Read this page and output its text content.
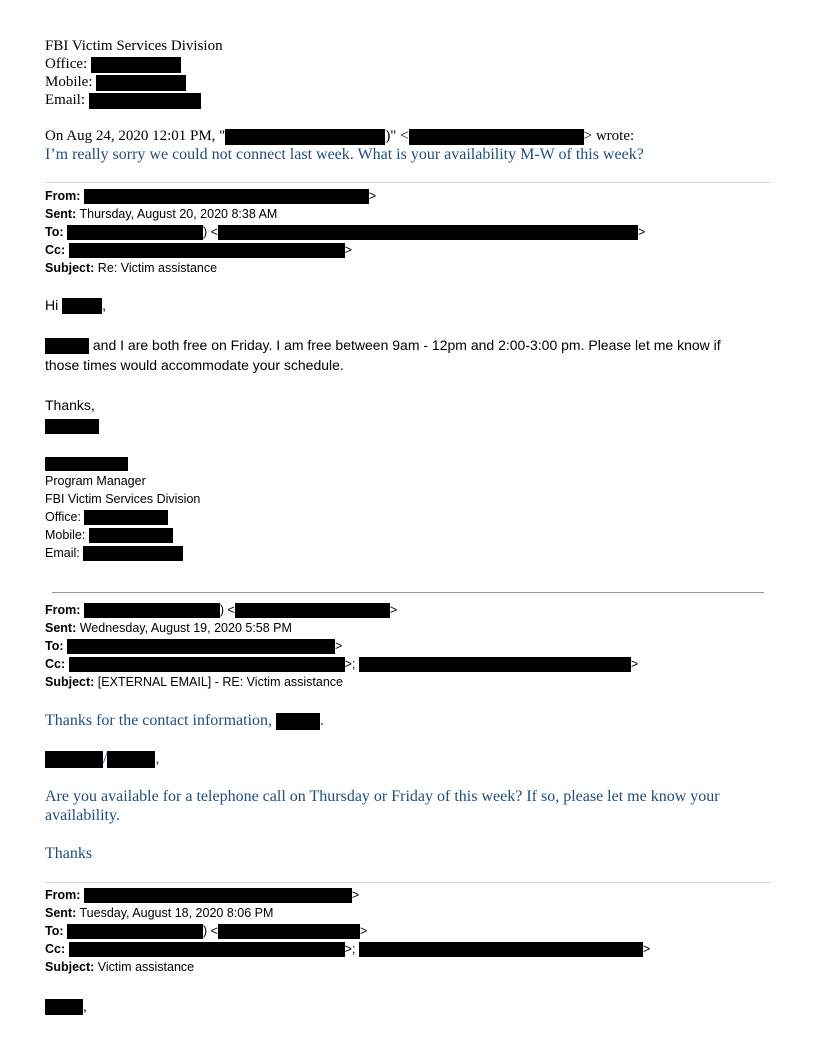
FBI Victim Services Division
Office:
Mobile:
Email:
On Aug 24, 2020 12:01 PM, "	)" <	> wrote:
I’m really sorry we could not connect last week. What is your availability M-W of this week?
From:	>
Sent: Thursday, August 20, 2020 8:38 AM
To:	) <	>
Cc:	>
Subject: Re: Victim assistance
Hi	,
and I are both free on Friday. I am free between 9am - 12pm and 2:00-3:00 pm. Please let me know if
those times would accommodate your schedule.
Thanks,
Program Manager
FBI Victim Services Division
Office:
Mobile:
Email:
From:	) <	>
Sent: Wednesday, August 19, 2020 5:58 PM
To:	>
Cc:	>;	>
Subject: [EXTERNAL EMAIL] - RE: Victim assistance
Thanks for the contact information,	.
/	,
Are you available for a telephone call on Thursday or Friday of this week? If so, please let me know your
availability.
Thanks
From:	>
Sent: Tuesday, August 18, 2020 8:06 PM
To:	) <	>
Cc:	>;	>
Subject: Victim assistance
,
